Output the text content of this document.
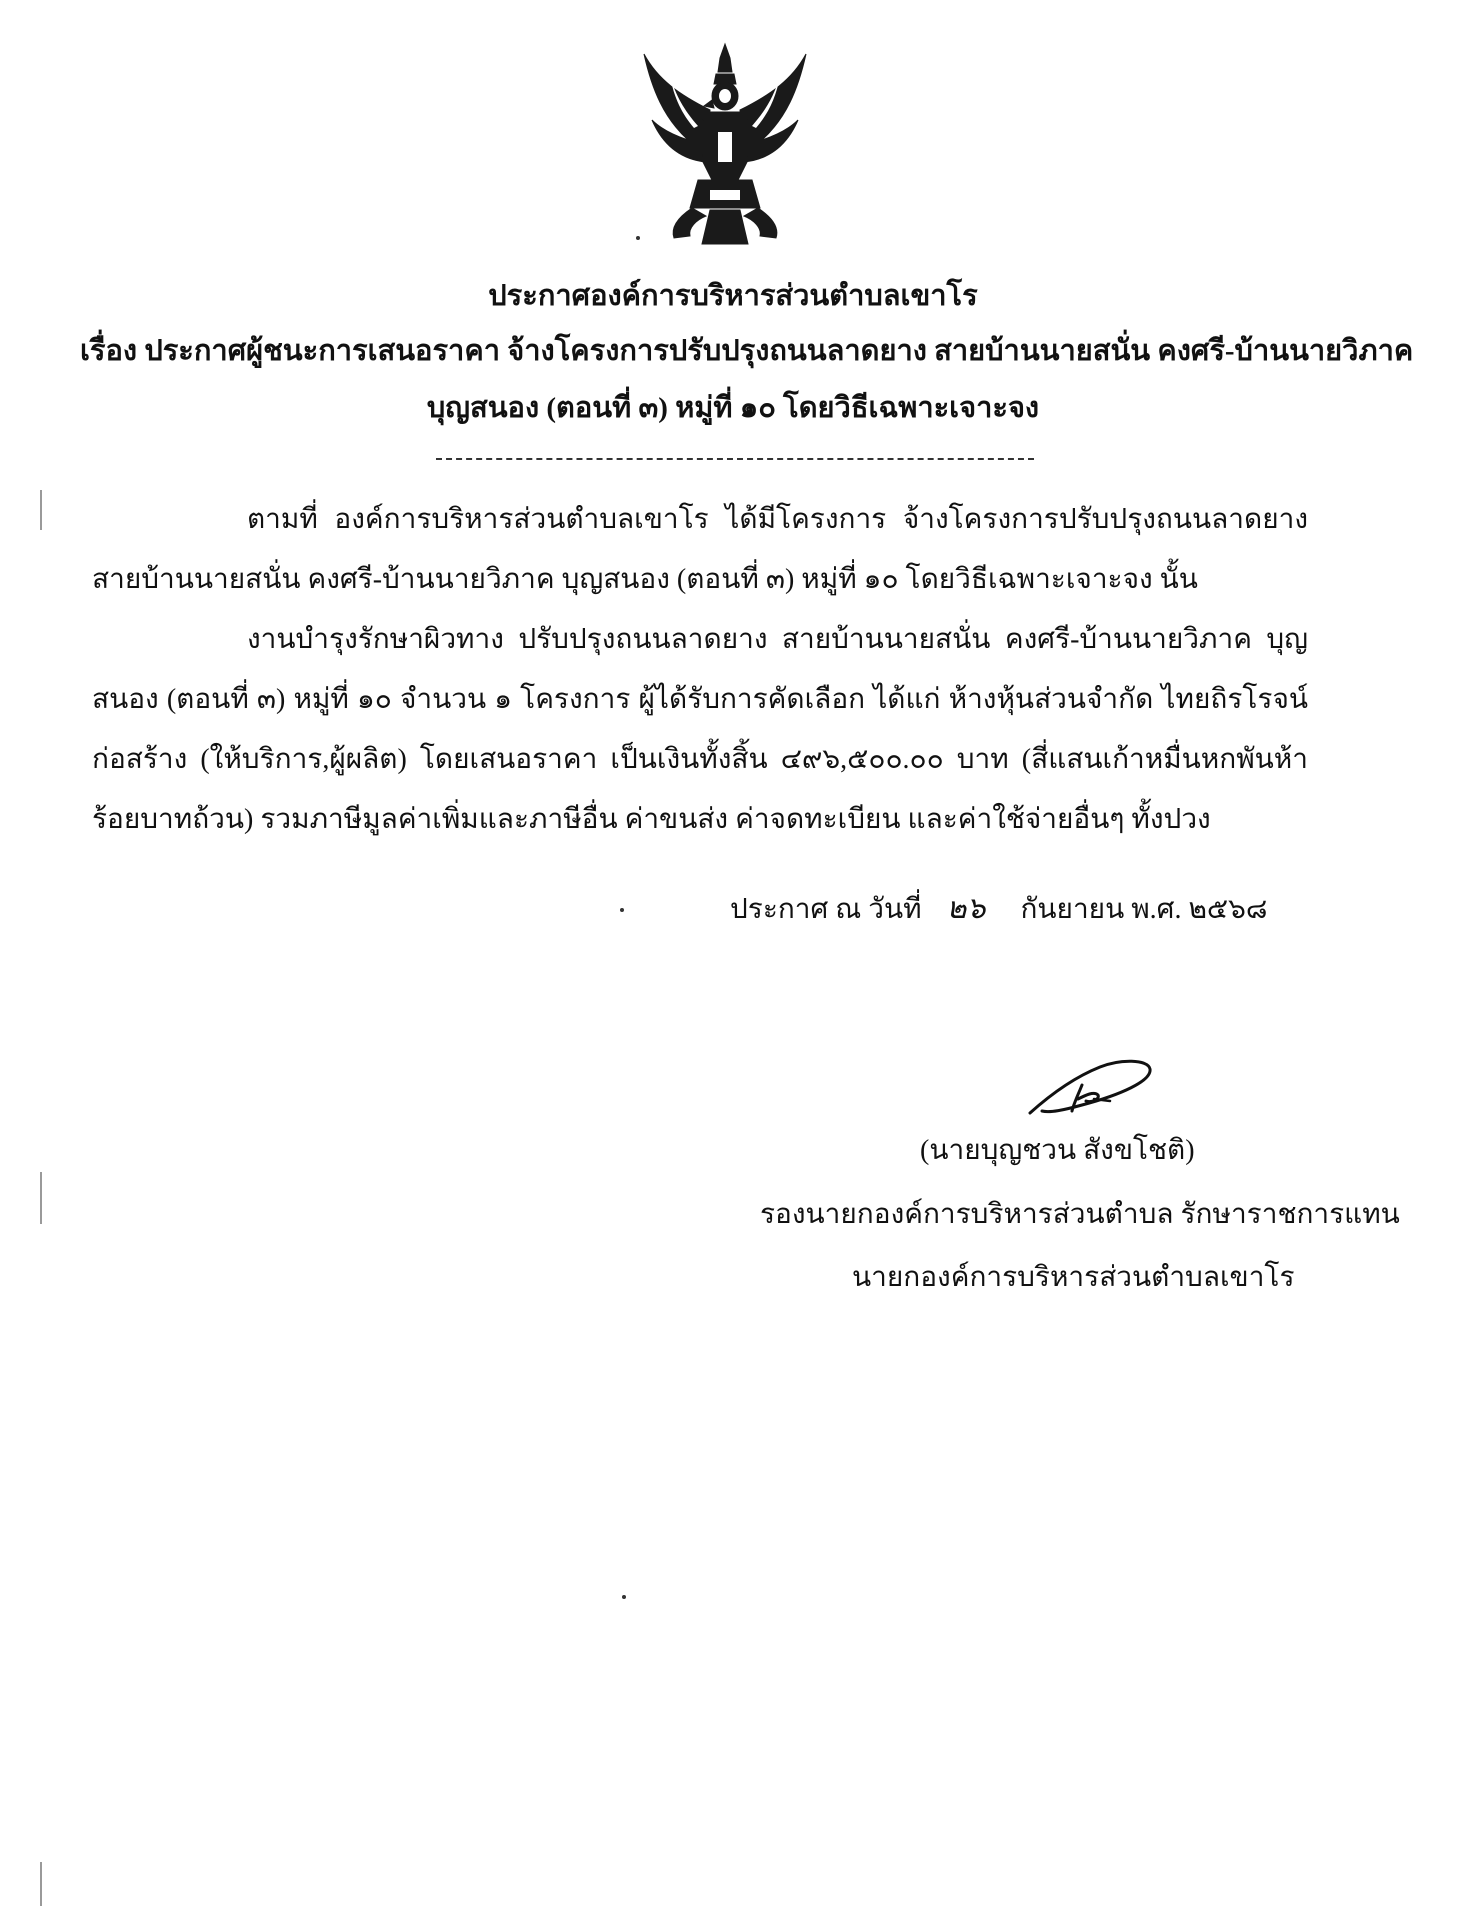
ประกาศองค์การบริหารส่วนตำบลเขาโร
เรื่อง ประกาศผู้ชนะการเสนอราคา จ้างโครงการปรับปรุงถนนลาดยาง สายบ้านนายสนั่น คงศรี-บ้านนายวิภาค
บุญสนอง (ตอนที่ ๓) หมู่ที่ ๑๐ โดยวิธีเฉพาะเจาะจง

ตามที่ องค์การบริหารส่วนตำบลเขาโร ได้มีโครงการ จ้างโครงการปรับปรุงถนนลาดยาง สายบ้านนายสนั่น คงศรี-บ้านนายวิภาค บุญสนอง (ตอนที่ ๓) หมู่ที่ ๑๐ โดยวิธีเฉพาะเจาะจง นั้น

งานบำรุงรักษาผิวทาง ปรับปรุงถนนลาดยาง สายบ้านนายสนั่น คงศรี-บ้านนายวิภาค บุญสนอง (ตอนที่ ๓) หมู่ที่ ๑๐ จำนวน ๑ โครงการ ผู้ได้รับการคัดเลือก ได้แก่ ห้างหุ้นส่วนจำกัด ไทยถิรโรจน์ก่อสร้าง (ให้บริการ,ผู้ผลิต) โดยเสนอราคา เป็นเงินทั้งสิ้น ๔๙๖,๕๐๐.๐๐ บาท (สี่แสนเก้าหมื่นหกพันห้าร้อยบาทถ้วน) รวมภาษีมูลค่าเพิ่มและภาษีอื่น ค่าขนส่ง ค่าจดทะเบียน และค่าใช้จ่ายอื่นๆ ทั้งปวง

ประกาศ ณ วันที่ ๒๖ กันยายน พ.ศ. ๒๕๖๘
(นายบุญชวน สังขโชติ)
รองนายกองค์การบริหารส่วนตำบล รักษาราชการแทน
นายกองค์การบริหารส่วนตำบลเขาโร
